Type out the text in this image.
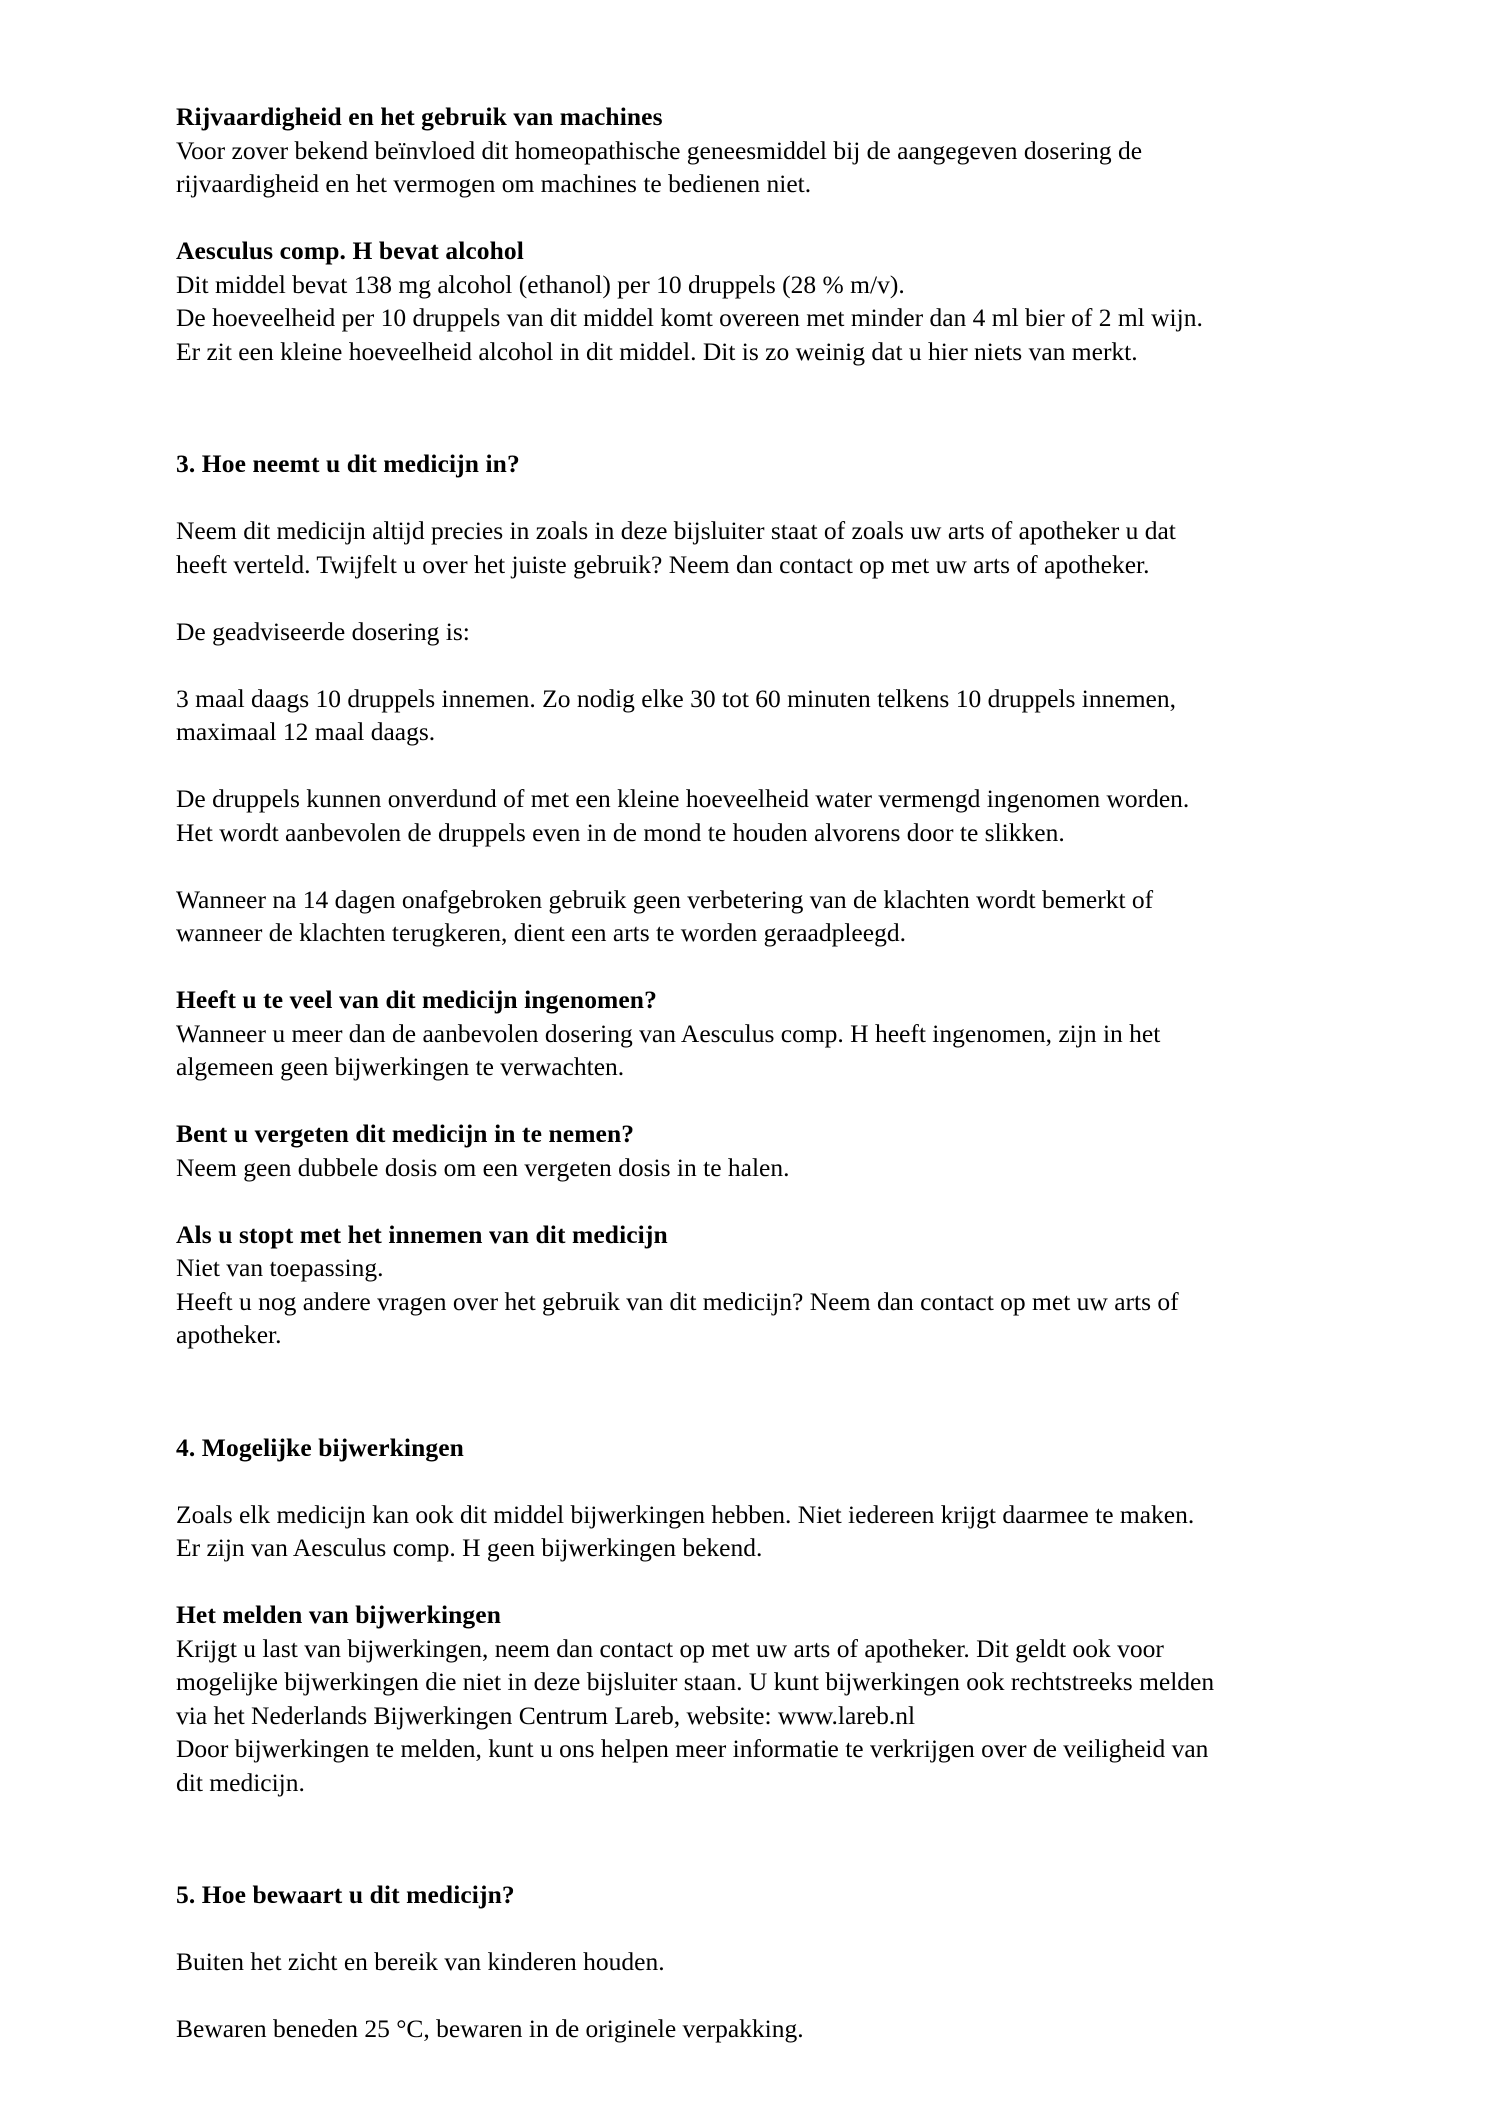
Rijvaardigheid en het gebruik van machines

Voor zover bekend beïnvloed dit homeopathische geneesmiddel bij de aangegeven dosering de

rijvaardigheid en het vermogen om machines te bedienen niet.

Aesculus comp. H bevat alcohol

Dit middel bevat 138 mg alcohol (ethanol) per 10 druppels (28 % m/v).

De hoeveelheid per 10 druppels van dit middel komt overeen met minder dan 4 ml bier of 2 ml wijn.

Er zit een kleine hoeveelheid alcohol in dit middel. Dit is zo weinig dat u hier niets van merkt.

3. Hoe neemt u dit medicijn in?

Neem dit medicijn altijd precies in zoals in deze bijsluiter staat of zoals uw arts of apotheker u dat

heeft verteld. Twijfelt u over het juiste gebruik? Neem dan contact op met uw arts of apotheker.

De geadviseerde dosering is:

3 maal daags 10 druppels innemen. Zo nodig elke 30 tot 60 minuten telkens 10 druppels innemen,

maximaal 12 maal daags.

De druppels kunnen onverdund of met een kleine hoeveelheid water vermengd ingenomen worden.

Het wordt aanbevolen de druppels even in de mond te houden alvorens door te slikken.

Wanneer na 14 dagen onafgebroken gebruik geen verbetering van de klachten wordt bemerkt of

wanneer de klachten terugkeren, dient een arts te worden geraadpleegd.

Heeft u te veel van dit medicijn ingenomen?

Wanneer u meer dan de aanbevolen dosering van Aesculus comp. H heeft ingenomen, zijn in het

algemeen geen bijwerkingen te verwachten.

Bent u vergeten dit medicijn in te nemen?

Neem geen dubbele dosis om een vergeten dosis in te halen.

Als u stopt met het innemen van dit medicijn

Niet van toepassing.

Heeft u nog andere vragen over het gebruik van dit medicijn? Neem dan contact op met uw arts of

apotheker.

4. Mogelijke bijwerkingen

Zoals elk medicijn kan ook dit middel bijwerkingen hebben. Niet iedereen krijgt daarmee te maken.

Er zijn van Aesculus comp. H geen bijwerkingen bekend.

Het melden van bijwerkingen

Krijgt u last van bijwerkingen, neem dan contact op met uw arts of apotheker. Dit geldt ook voor

mogelijke bijwerkingen die niet in deze bijsluiter staan. U kunt bijwerkingen ook rechtstreeks melden

via het Nederlands Bijwerkingen Centrum Lareb, website: www.lareb.nl

Door bijwerkingen te melden, kunt u ons helpen meer informatie te verkrijgen over de veiligheid van

dit medicijn.

5. Hoe bewaart u dit medicijn?

Buiten het zicht en bereik van kinderen houden.

Bewaren beneden 25 °C, bewaren in de originele verpakking.
